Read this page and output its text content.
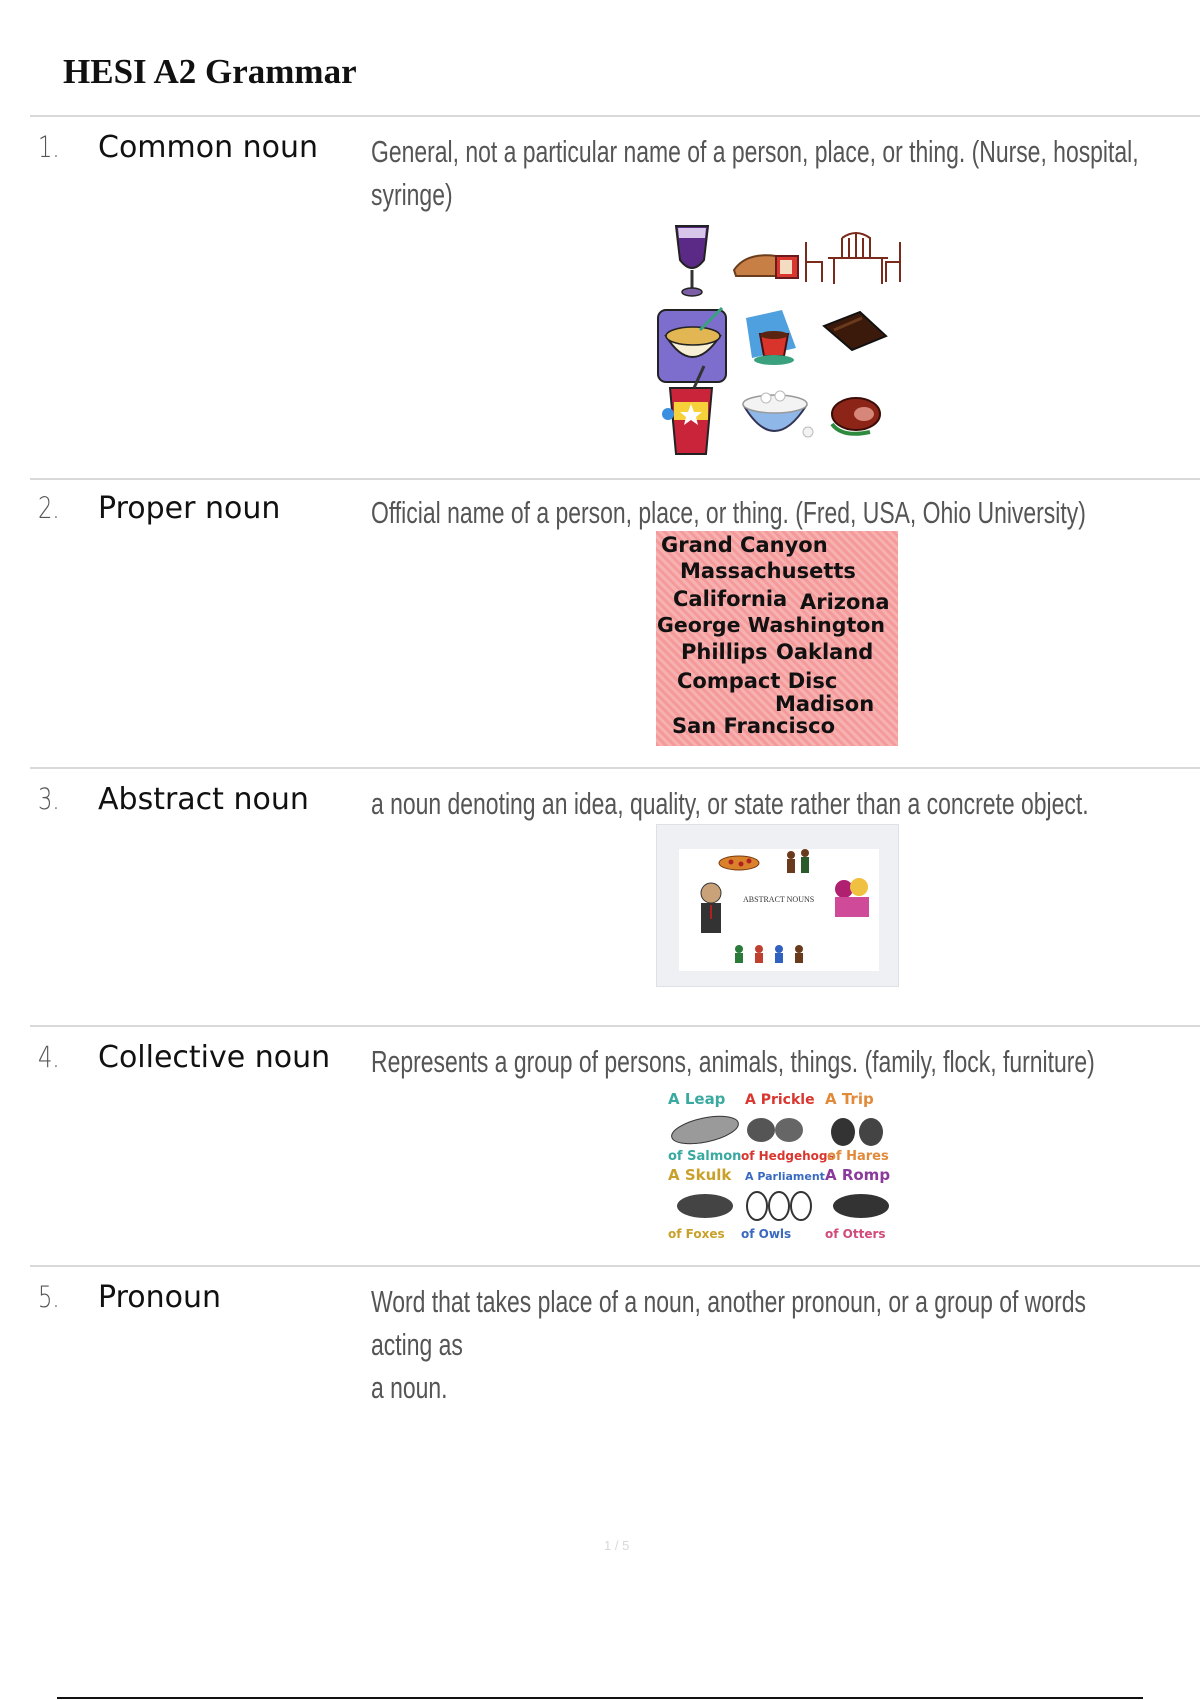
HESI A2 Grammar
1. Common noun General, not a particular name of a person, place, or thing. (Nurse, hospital,
syringe)
2. Proper noun	Official name of a person, place, or thing. (Fred, USA, Ohio University)
Grand Canyon
Massachusetts
California Arizona
George Washington
Phillips Oakland
Compact Disc
Madison
San Francisco
3. Abstract noun a noun denoting an idea, quality, or state rather than a concrete object.
ABSTRACT NOUNS
4. Collective noun Represents a group of persons, animals, things. (family, flock, furniture)
A Leap
of Salmon
A Prickle
of Hedgehogs
A Trip
of Hares
A Skulk
of Foxes
A Parliament
of Owls
A Romp
of Otters
5. Pronoun	Word that takes place of a noun, another pronoun, or a group of words acting as
a noun.
1 / 5
